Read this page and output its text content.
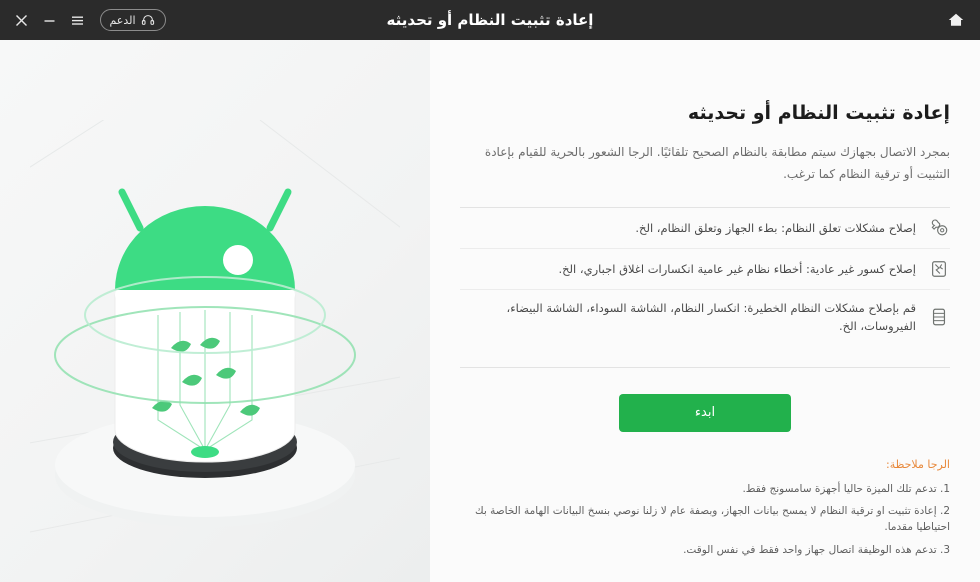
الدعم	إعادة تثبيت النظام أو تحديثه
إعادة تثبيت النظام أو تحديثه
بمجرد الاتصال بجهازك سيتم مطابقة بالنظام الصحيح تلقائيًا. الرجا الشعور بالحرية للقيام بإعادة التثبيت أو ترقية النظام كما ترغب.
إصلاح مشكلات تعلق النظام: بطء الجهاز وتعلق النظام، الخ.
إصلاح كسور غير عادية: أخطاء نظام غير عامية انكسارات اغلاق اجباري، الخ.
قم بإصلاح مشكلات النظام الخطيرة: انكسار النظام، الشاشة السوداء، الشاشة البيضاء، الفيروسات، الخ.
ابدء
الرجا ملاحظة:
1. تدعم تلك الميزة حاليا أجهزة سامسونج فقط.
2. إعادة تثبيت او ترقية النظام لا يمسح بيانات الجهاز، وبصفة عام لا زلنا نوصي بنسخ البيانات الهامة الخاصة بك احتياطيا مقدما.
3. تدعم هذه الوظيفة اتصال جهاز واحد فقط في نفس الوقت.
